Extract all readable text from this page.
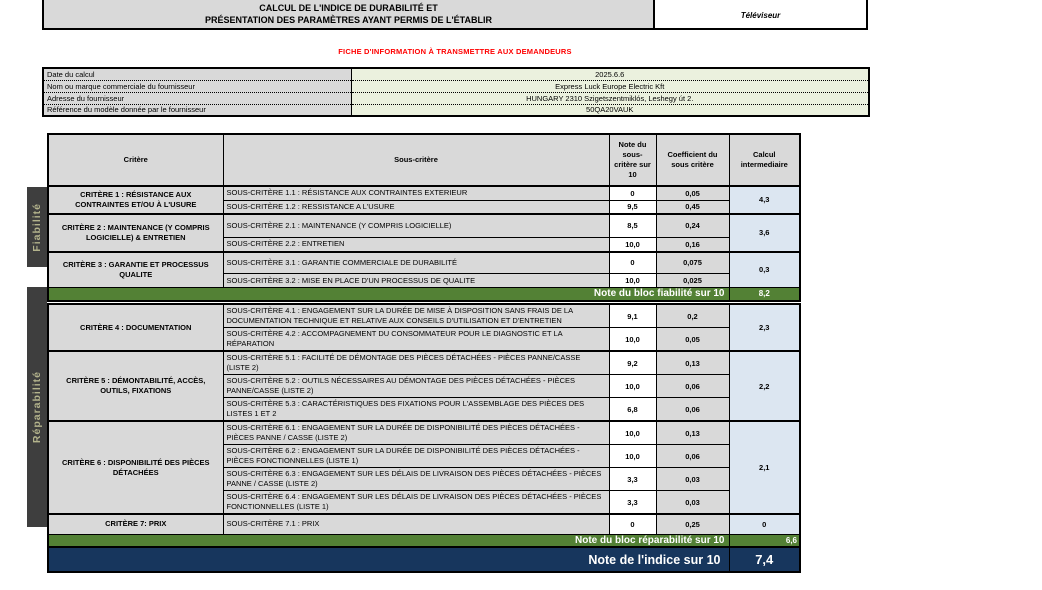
CALCUL DE L'INDICE DE DURABILITÉ ET
PRÉSENTATION DES PARAMÈTRES AYANT PERMIS DE L'ÉTABLIR	Téléviseur
FICHE D'INFORMATION À TRANSMETTRE AUX DEMANDEURS
Date du calcul	2025.6.6
Nom ou marque commerciale du fournisseur	Express Luck Europe Electric Kft
Adresse du fournisseur	HUNGARY 2310 Szigetszentmiklós, Leshegy út 2.
Référence du modèle donnée par le fournisseur	50QA20VAUK
Fiabilité
Réparabilité
Critère	Sous-critère	Note du sous- critère sur 10	Coefficient du sous critère	Calcul intermediaire
CRITÈRE 1 : RÉSISTANCE AUX CONTRAINTES ET/OU À L'USURE	SOUS-CRITÈRE 1.1 : RÉSISTANCE AUX CONTRAINTES EXTERIEUR	0	0,05	4,3
	SOUS-CRITÈRE 1.2 : RESSISTANCE A L'USURE	9,5	0,45	
CRITÈRE 2 : MAINTENANCE (Y COMPRIS LOGICIELLE) & ENTRETIEN	SOUS-CRITÈRE 2.1 : MAINTENANCE (Y COMPRIS LOGICIELLE)	8,5	0,24	3,6
	SOUS-CRITÈRE 2.2 : ENTRETIEN	10,0	0,16	
CRITÈRE 3 : GARANTIE ET PROCESSUS QUALITE	SOUS-CRITÈRE 3.1 : GARANTIE COMMERCIALE DE DURABILITÉ	0	0,075	0,3
	SOUS-CRITÈRE 3.2 : MISE EN PLACE D'UN PROCESSUS DE QUALITE	10,0	0,025	
Note du bloc fiabilité sur 10				8,2
CRITÈRE 4 : DOCUMENTATION	SOUS-CRITÈRE 4.1 : ENGAGEMENT SUR LA DURÉE DE MISE À DISPOSITION SANS FRAIS DE LA DOCUMENTATION TECHNIQUE ET RELATIVE AUX CONSEILS D'UTILISATION ET D'ENTRETIEN	9,1	0,2	2,3
	SOUS-CRITÈRE 4.2 : ACCOMPAGNEMENT DU CONSOMMATEUR POUR LE DIAGNOSTIC ET LA RÉPARATION	10,0	0,05	
CRITÈRE 5 : DÉMONTABILITÉ, ACCÈS, OUTILS, FIXATIONS	SOUS-CRITÈRE 5.1 : FACILITÉ DE DÉMONTAGE DES PIÈCES DÉTACHÉES - PIÈCES PANNE/CASSE (LISTE 2)	9,2	0,13	2,2
	SOUS-CRITÈRE 5.2 : OUTILS NÉCESSAIRES AU DÉMONTAGE DES PIÈCES DÉTACHÉES - PIÈCES PANNE/CASSE (LISTE 2)	10,0	0,06	
	SOUS-CRITÈRE 5.3 : CARACTÉRISTIQUES DES FIXATIONS POUR L'ASSEMBLAGE DES PIÈCES DES LISTES 1 ET 2	6,8	0,06	
CRITÈRE 6 : DISPONIBILITÉ DES PIÈCES DÉTACHÉES	SOUS-CRITÈRE 6.1 : ENGAGEMENT SUR LA DURÉE DE DISPONIBILITÉ DES PIÈCES DÉTACHÉES - PIÈCES PANNE / CASSE (LISTE 2)	10,0	0,13	2,1
	SOUS-CRITÈRE 6.2 : ENGAGEMENT SUR LA DURÉE DE DISPONIBILITÉ DES PIÈCES DÉTACHÉES - PIÈCES FONCTIONNELLES (LISTE 1)	10,0	0,06	
	SOUS-CRITÈRE 6.3 : ENGAGEMENT SUR LES DÉLAIS DE LIVRAISON DES PIÈCES DÉTACHÉES - PIÈCES PANNE / CASSE (LISTE 2)	3,3	0,03	
	SOUS-CRITÈRE 6.4 : ENGAGEMENT SUR LES DÉLAIS DE LIVRAISON DES PIÈCES DÉTACHÉES - PIÈCES FONCTIONNELLES (LISTE 1)	3,3	0,03	
CRITÈRE 7: PRIX	SOUS-CRITÈRE 7.1 : PRIX	0	0,25	0
Note du bloc réparabilité sur 10				6,6
Note de l'indice sur 10				7,4
